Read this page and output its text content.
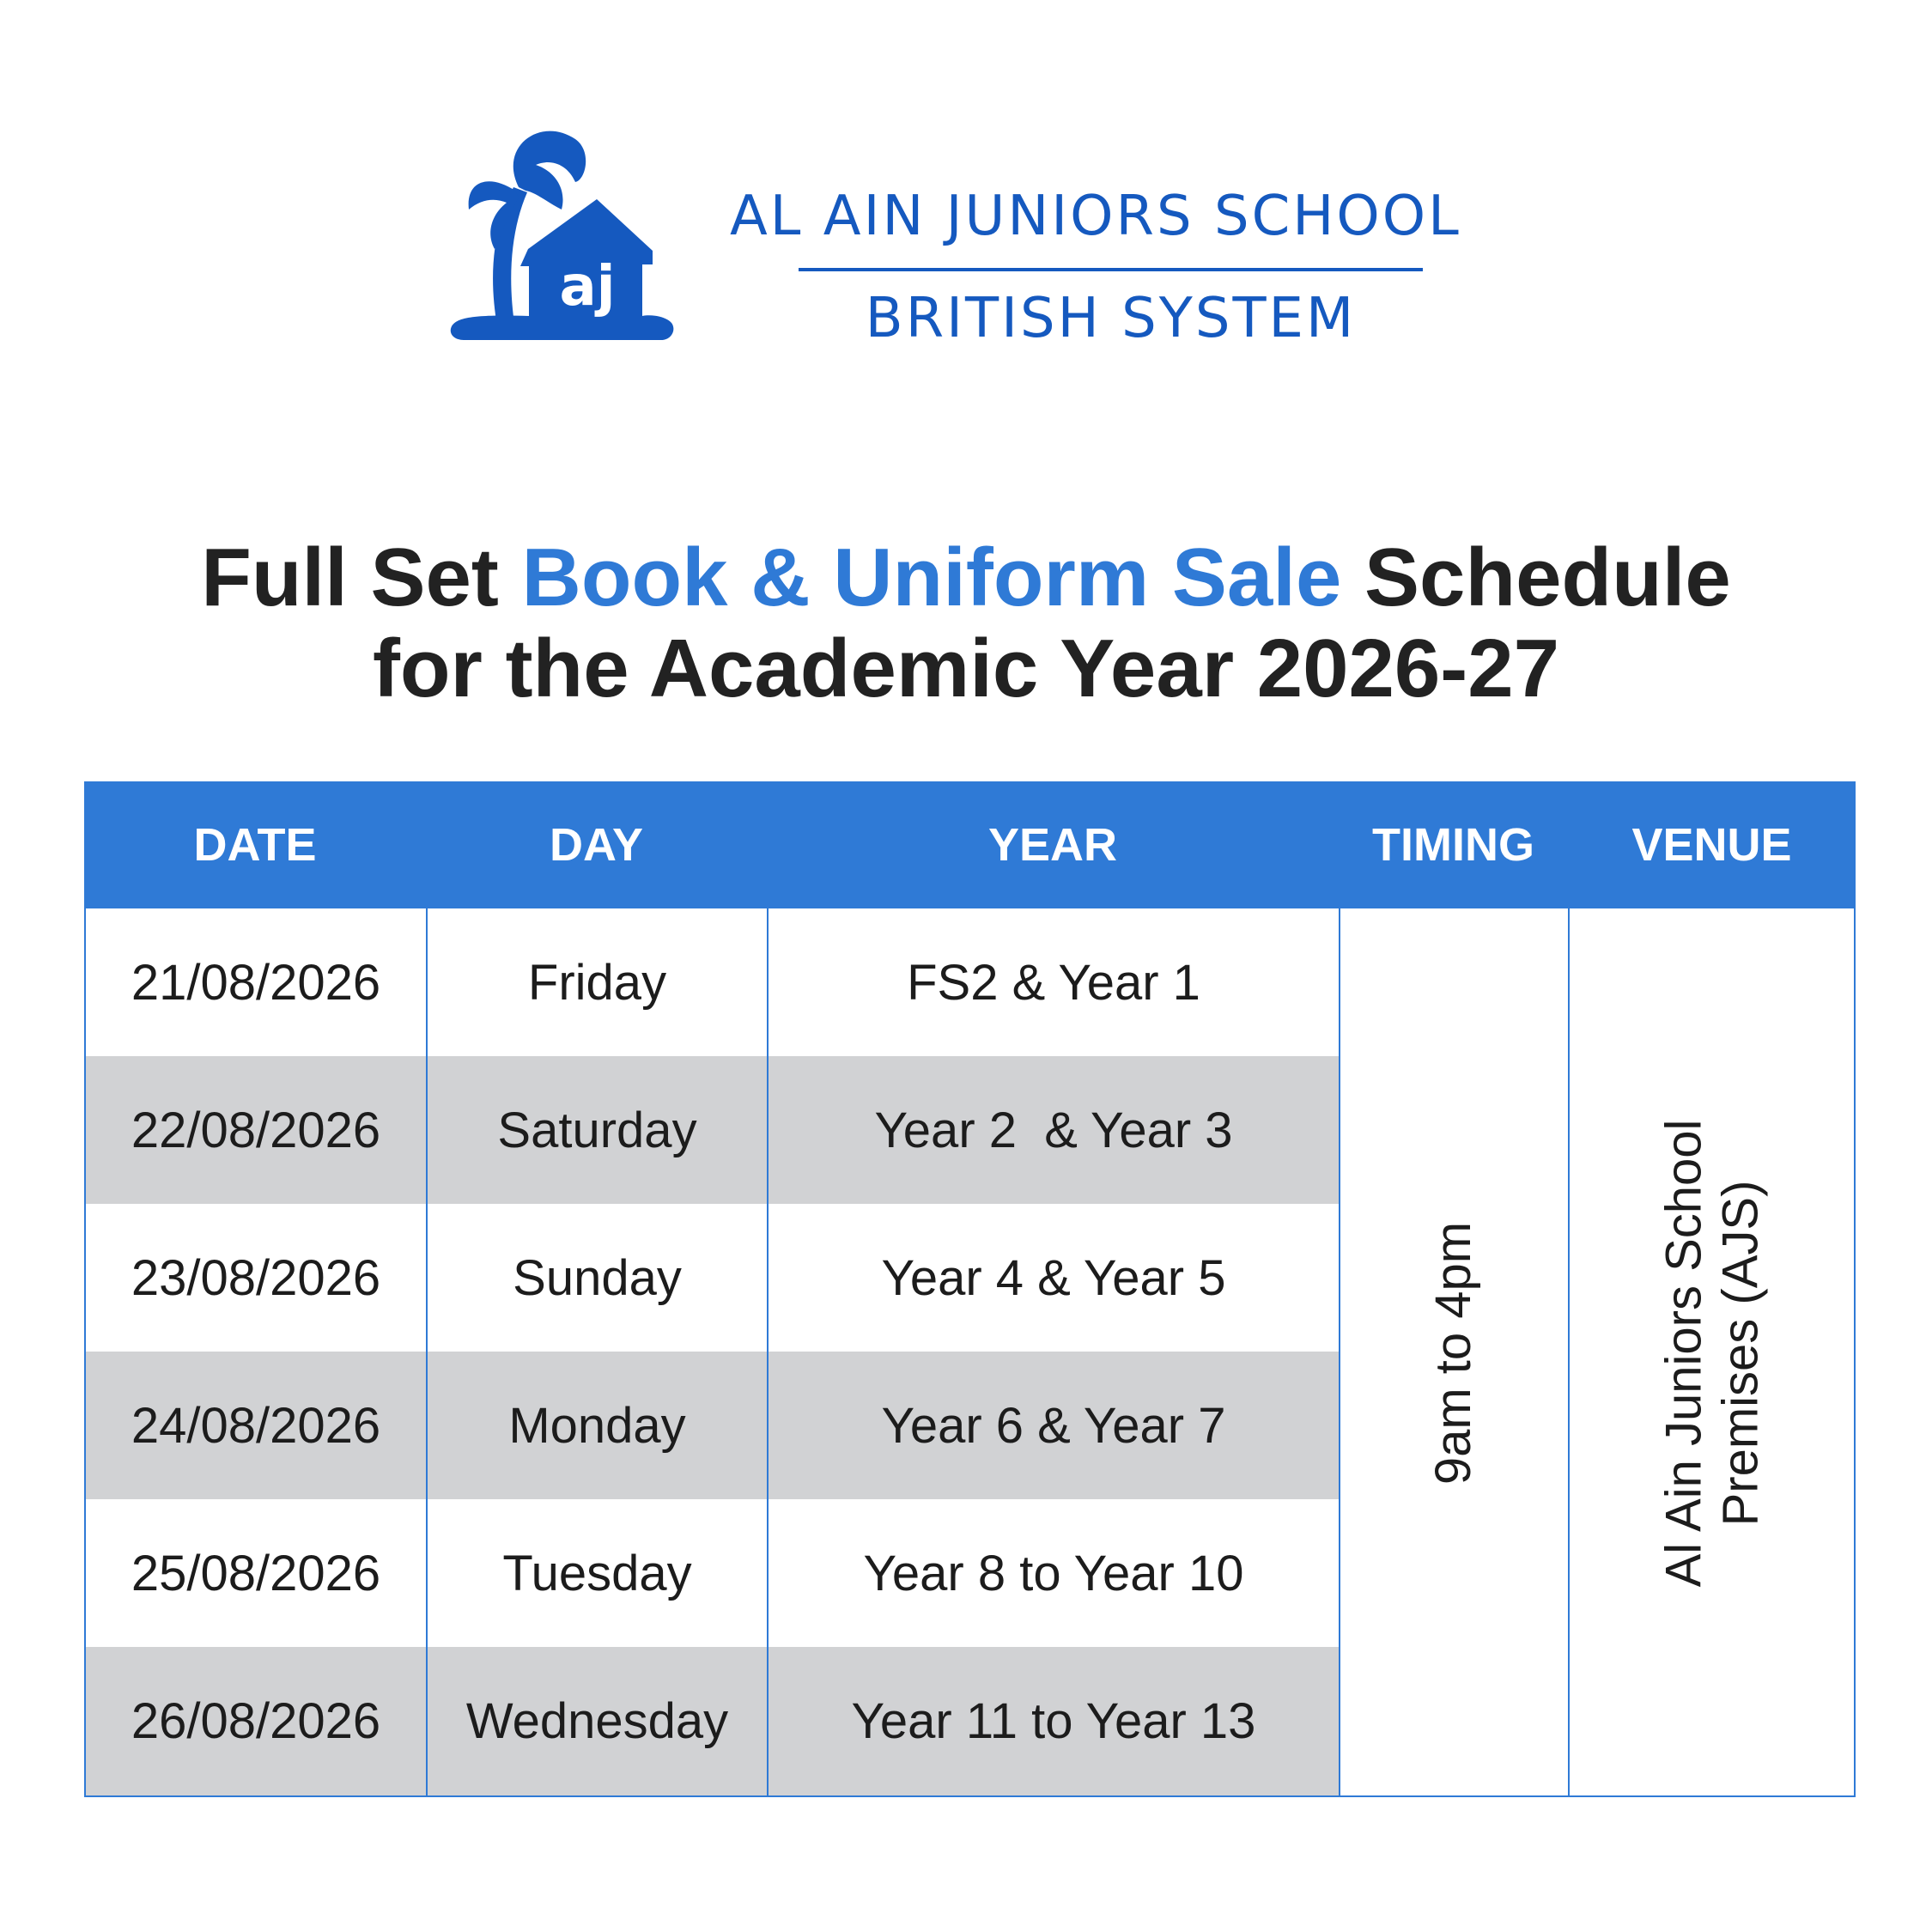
aj
AL AIN JUNIORS SCHOOL
BRITISH SYSTEM
Full Set Book & Uniform Sale Schedule
for the Academic Year 2026-27
DATE	DAY	YEAR	TIMING	VENUE
21/08/2026	Friday	FS2 & Year 1
22/08/2026	Saturday	Year 2  & Year 3
23/08/2026	Sunday	Year 4 & Year 5
24/08/2026	Monday	Year 6 & Year 7
25/08/2026	Tuesday	Year 8 to Year 10
26/08/2026	Wednesday	Year 11 to Year 13
9am to 4pm	Al Ain Juniors School Premises (AJS)
